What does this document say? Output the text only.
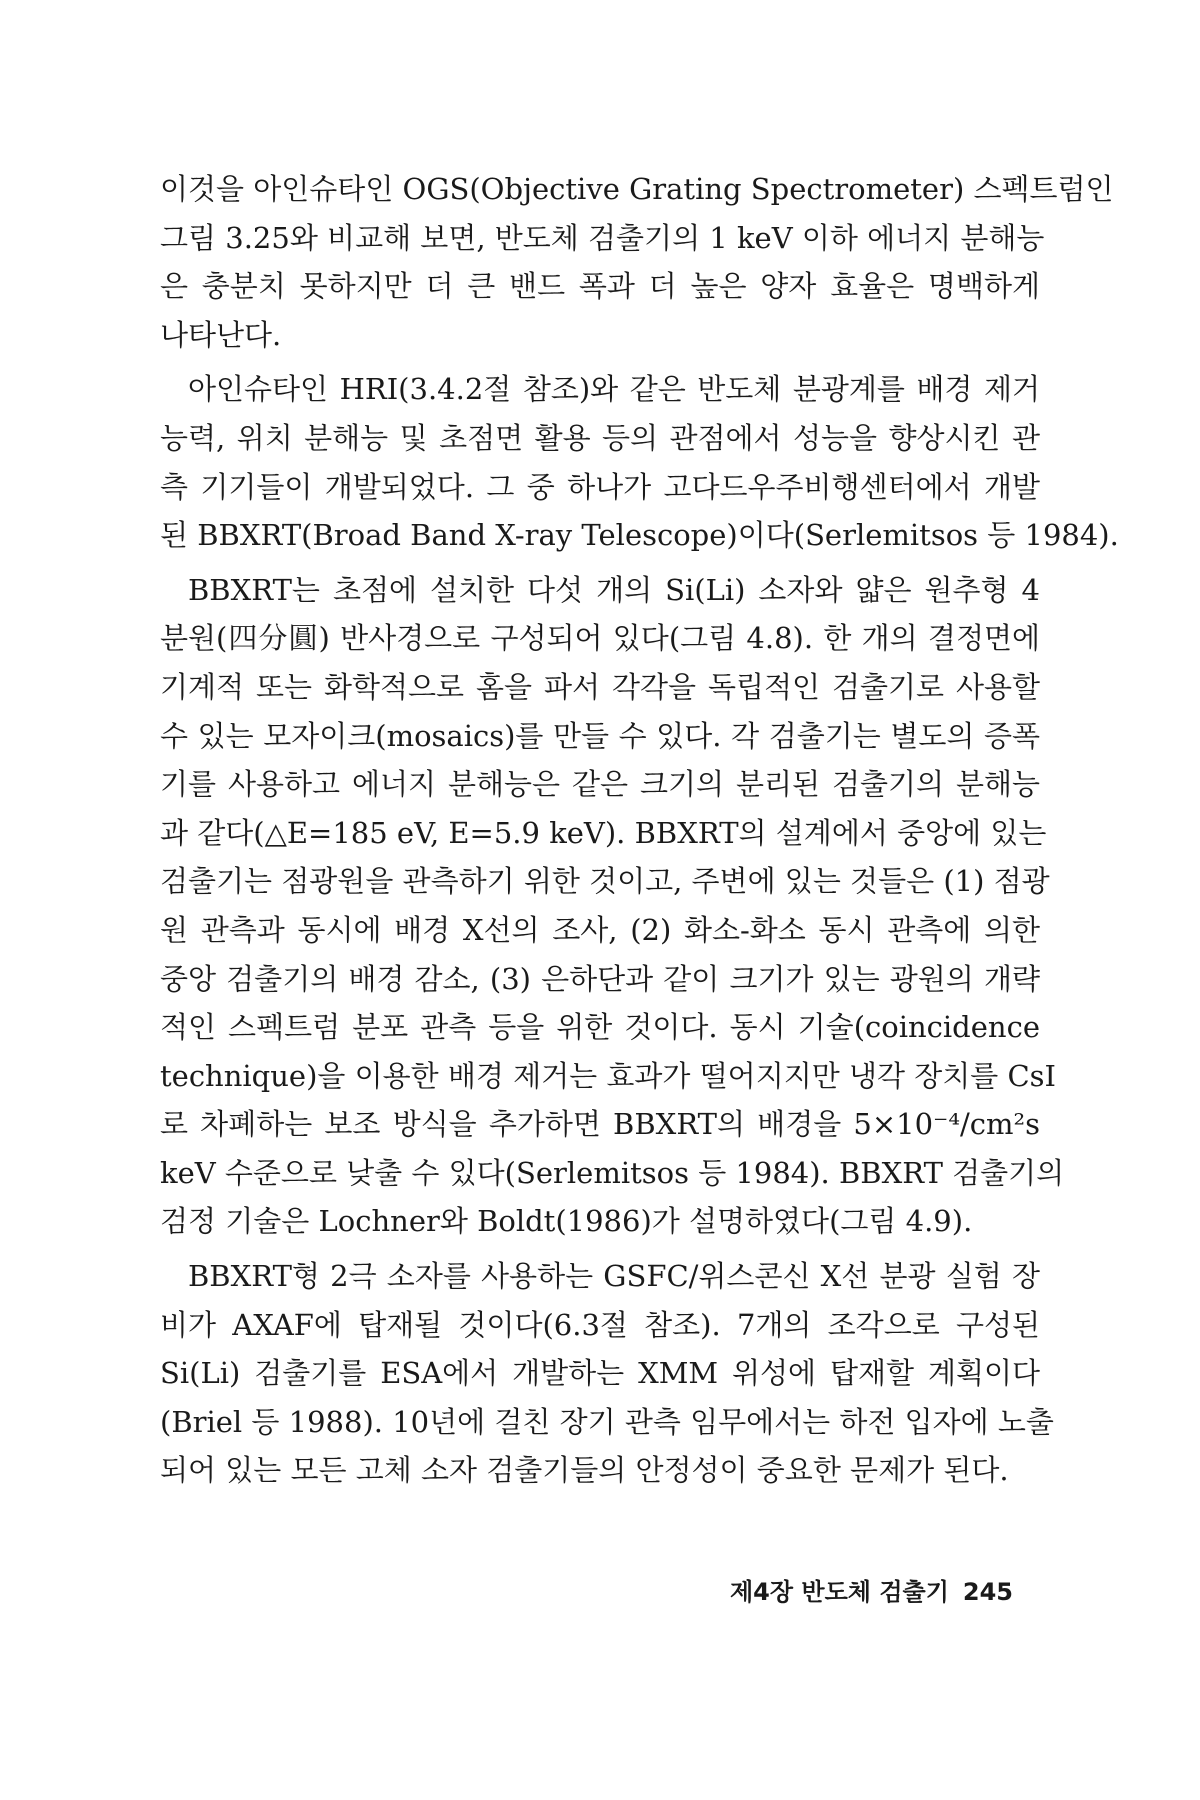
이것을 아인슈타인 OGS(Objective Grating Spectrometer) 스펙트럼인
그림 3.25와 비교해 보면, 반도체 검출기의 1 keV 이하 에너지 분해능
은 충분치 못하지만 더 큰 밴드 폭과 더 높은 양자 효율은 명백하게
나타난다.

아인슈타인 HRI(3.4.2절 참조)와 같은 반도체 분광계를 배경 제거
능력, 위치 분해능 및 초점면 활용 등의 관점에서 성능을 향상시킨 관
측 기기들이 개발되었다. 그 중 하나가 고다드우주비행센터에서 개발
된 BBXRT(Broad Band X-ray Telescope)이다(Serlemitsos 등 1984).

BBXRT는 초점에 설치한 다섯 개의 Si(Li) 소자와 얇은 원추형 4
분원(四分圓) 반사경으로 구성되어 있다(그림 4.8). 한 개의 결정면에
기계적 또는 화학적으로 홈을 파서 각각을 독립적인 검출기로 사용할
수 있는 모자이크(mosaics)를 만들 수 있다. 각 검출기는 별도의 증폭
기를 사용하고 에너지 분해능은 같은 크기의 분리된 검출기의 분해능
과 같다(△E=185 eV, E=5.9 keV). BBXRT의 설계에서 중앙에 있는
검출기는 점광원을 관측하기 위한 것이고, 주변에 있는 것들은 (1) 점광
원 관측과 동시에 배경 X선의 조사, (2) 화소-화소 동시 관측에 의한
중앙 검출기의 배경 감소, (3) 은하단과 같이 크기가 있는 광원의 개략
적인 스펙트럼 분포 관측 등을 위한 것이다. 동시 기술(coincidence
technique)을 이용한 배경 제거는 효과가 떨어지지만 냉각 장치를 CsI
로 차폐하는 보조 방식을 추가하면 BBXRT의 배경을 5×10⁻⁴/cm²s
keV 수준으로 낮출 수 있다(Serlemitsos 등 1984). BBXRT 검출기의
검정 기술은 Lochner와 Boldt(1986)가 설명하였다(그림 4.9).

BBXRT형 2극 소자를 사용하는 GSFC/위스콘신 X선 분광 실험 장
비가 AXAF에 탑재될 것이다(6.3절 참조). 7개의 조각으로 구성된
Si(Li) 검출기를 ESA에서 개발하는 XMM 위성에 탑재할 계획이다
(Briel 등 1988). 10년에 걸친 장기 관측 임무에서는 하전 입자에 노출
되어 있는 모든 고체 소자 검출기들의 안정성이 중요한 문제가 된다.

제4장 반도체 검출기 245
